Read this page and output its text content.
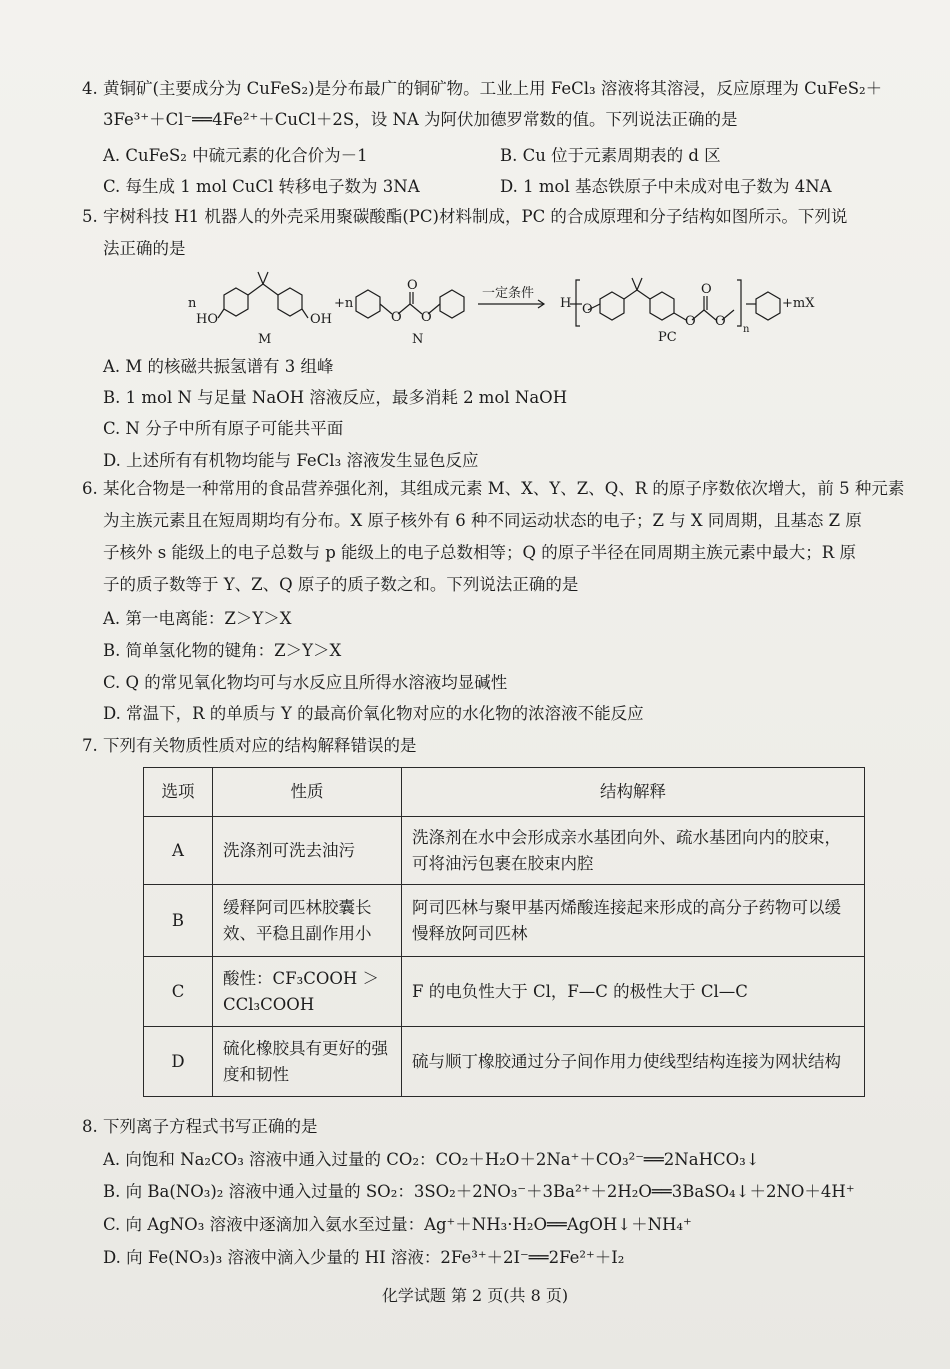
4. 黄铜矿(主要成分为 CuFeS₂)是分布最广的铜矿物。工业上用 FeCl₃ 溶液将其溶浸，反应原理为 CuFeS₂＋
3Fe³⁺＋Cl⁻══4Fe²⁺＋CuCl＋2S，设 NA 为阿伏加德罗常数的值。下列说法正确的是
A. CuFeS₂ 中硫元素的化合价为－1	B. Cu 位于元素周期表的 d 区
C. 每生成 1 mol CuCl 转移电子数为 3NA	D. 1 mol 基态铁原子中未成对电子数为 4NA
5. 宇树科技 H1 机器人的外壳采用聚碳酸酯(PC)材料制成，PC 的合成原理和分子结构如图所示。下列说
法正确的是
n
HO	OH
M
+n
O
O
O
N
一定条件
H O
O
O
O
n
+mX
PC
A. M 的核磁共振氢谱有 3 组峰
B. 1 mol N 与足量 NaOH 溶液反应，最多消耗 2 mol NaOH
C. N 分子中所有原子可能共平面
D. 上述所有有机物均能与 FeCl₃ 溶液发生显色反应
6. 某化合物是一种常用的食品营养强化剂，其组成元素 M、X、Y、Z、Q、R 的原子序数依次增大，前 5 种元素
为主族元素且在短周期均有分布。X 原子核外有 6 种不同运动状态的电子；Z 与 X 同周期，且基态 Z 原
子核外 s 能级上的电子总数与 p 能级上的电子总数相等；Q 的原子半径在同周期主族元素中最大；R 原
子的质子数等于 Y、Z、Q 原子的质子数之和。下列说法正确的是
A. 第一电离能：Z＞Y＞X
B. 简单氢化物的键角：Z＞Y＞X
C. Q 的常见氧化物均可与水反应且所得水溶液均显碱性
D. 常温下，R 的单质与 Y 的最高价氧化物对应的水化物的浓溶液不能反应
7. 下列有关物质性质对应的结构解释错误的是
选项	性质	结构解释
A	洗涤剂可洗去油污	洗涤剂在水中会形成亲水基团向外、疏水基团向内的胶束，可将油污包裹在胶束内腔
B	缓释阿司匹林胶囊长效、平稳且副作用小	阿司匹林与聚甲基丙烯酸连接起来形成的高分子药物可以缓慢释放阿司匹林
C	酸性：CF₃COOH ＞ CCl₃COOH	F 的电负性大于 Cl，F—C 的极性大于 Cl—C
D	硫化橡胶具有更好的强度和韧性	硫与顺丁橡胶通过分子间作用力使线型结构连接为网状结构
8. 下列离子方程式书写正确的是
A. 向饱和 Na₂CO₃ 溶液中通入过量的 CO₂：CO₂＋H₂O＋2Na⁺＋CO₃²⁻══2NaHCO₃↓
B. 向 Ba(NO₃)₂ 溶液中通入过量的 SO₂：3SO₂＋2NO₃⁻＋3Ba²⁺＋2H₂O══3BaSO₄↓＋2NO＋4H⁺
C. 向 AgNO₃ 溶液中逐滴加入氨水至过量：Ag⁺＋NH₃·H₂O══AgOH↓＋NH₄⁺
D. 向 Fe(NO₃)₃ 溶液中滴入少量的 HI 溶液：2Fe³⁺＋2I⁻══2Fe²⁺＋I₂
化学试题 第 2 页(共 8 页)
